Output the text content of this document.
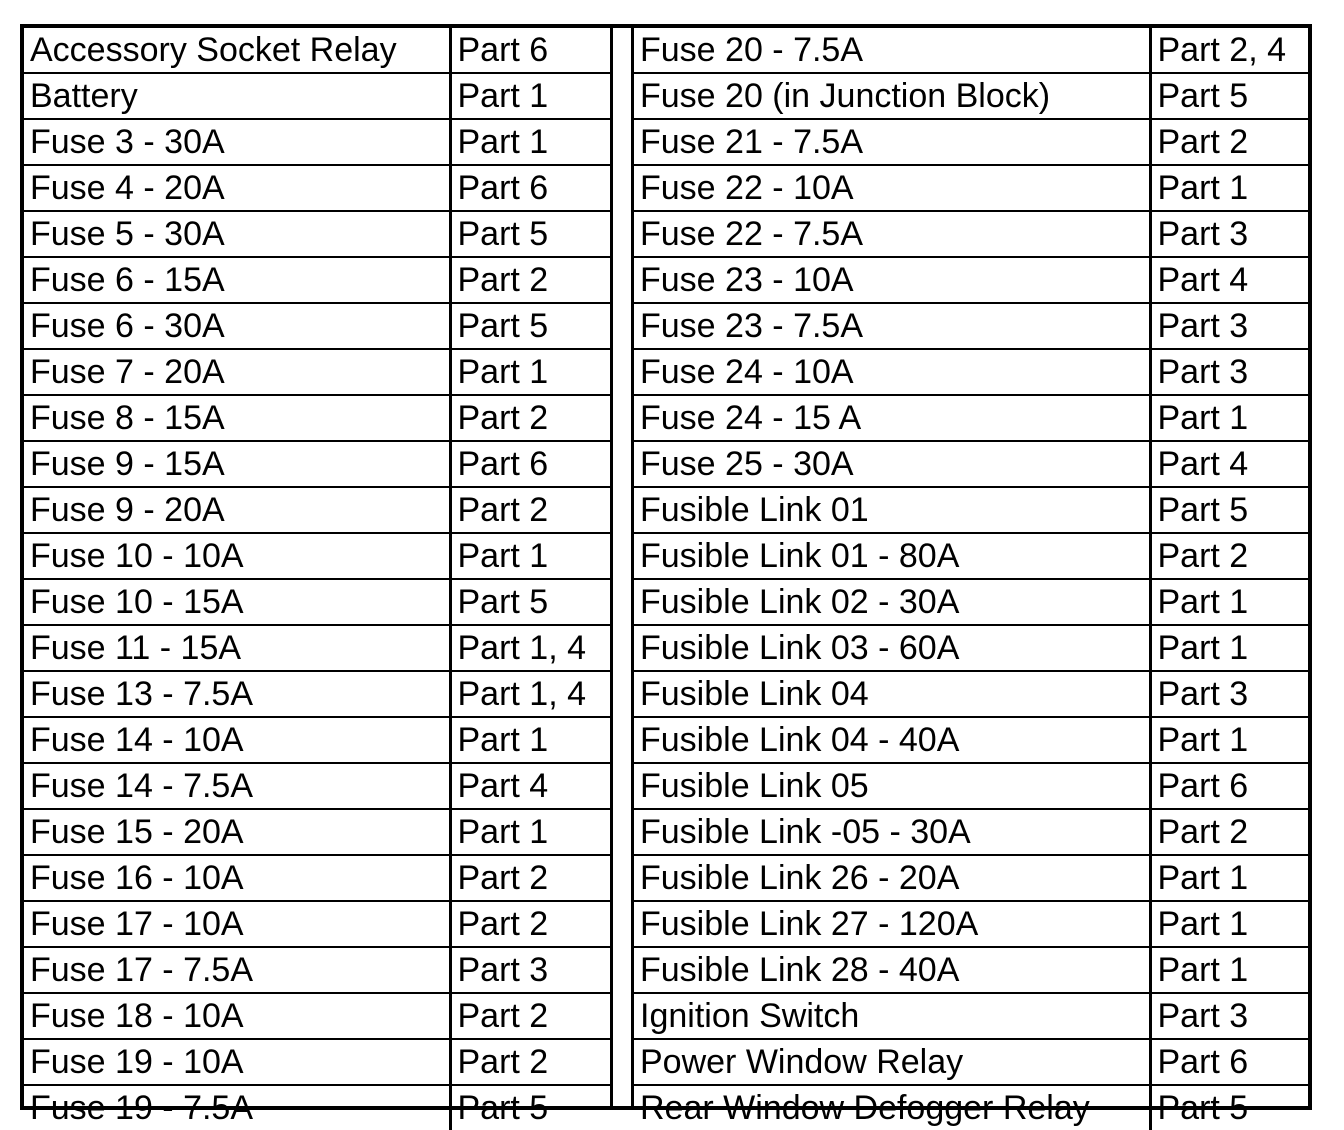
Accessory Socket Relay	Part 6
Battery	Part 1
Fuse 3 - 30A	Part 1
Fuse 4 - 20A	Part 6
Fuse 5 - 30A	Part 5
Fuse 6 - 15A	Part 2
Fuse 6 - 30A	Part 5
Fuse 7 - 20A	Part 1
Fuse 8 - 15A	Part 2
Fuse 9 - 15A	Part 6
Fuse 9 - 20A	Part 2
Fuse 10 - 10A	Part 1
Fuse 10 - 15A	Part 5
Fuse 11 - 15A	Part 1, 4
Fuse 13 - 7.5A	Part 1, 4
Fuse 14 - 10A	Part 1
Fuse 14 - 7.5A	Part 4
Fuse 15 - 20A	Part 1
Fuse 16 - 10A	Part 2
Fuse 17 - 10A	Part 2
Fuse 17 - 7.5A	Part 3
Fuse 18 - 10A	Part 2
Fuse 19 - 10A	Part 2
Fuse 19 - 7.5A	Part 5
Fuse 20 - 7.5A	Part 2, 4
Fuse 20 (in Junction Block)	Part 5
Fuse 21 - 7.5A	Part 2
Fuse 22 - 10A	Part 1
Fuse 22 - 7.5A	Part 3
Fuse 23 - 10A	Part 4
Fuse 23 - 7.5A	Part 3
Fuse 24 - 10A	Part 3
Fuse 24 - 15 A	Part 1
Fuse 25 - 30A	Part 4
Fusible Link 01	Part 5
Fusible Link 01 - 80A	Part 2
Fusible Link 02 - 30A	Part 1
Fusible Link 03 - 60A	Part 1
Fusible Link 04	Part 3
Fusible Link 04 - 40A	Part 1
Fusible Link 05	Part 6
Fusible Link -05 - 30A	Part 2
Fusible Link 26 - 20A	Part 1
Fusible Link 27 - 120A	Part 1
Fusible Link 28 - 40A	Part 1
Ignition Switch	Part 3
Power Window Relay	Part 6
Rear Window Defogger Relay	Part 5
